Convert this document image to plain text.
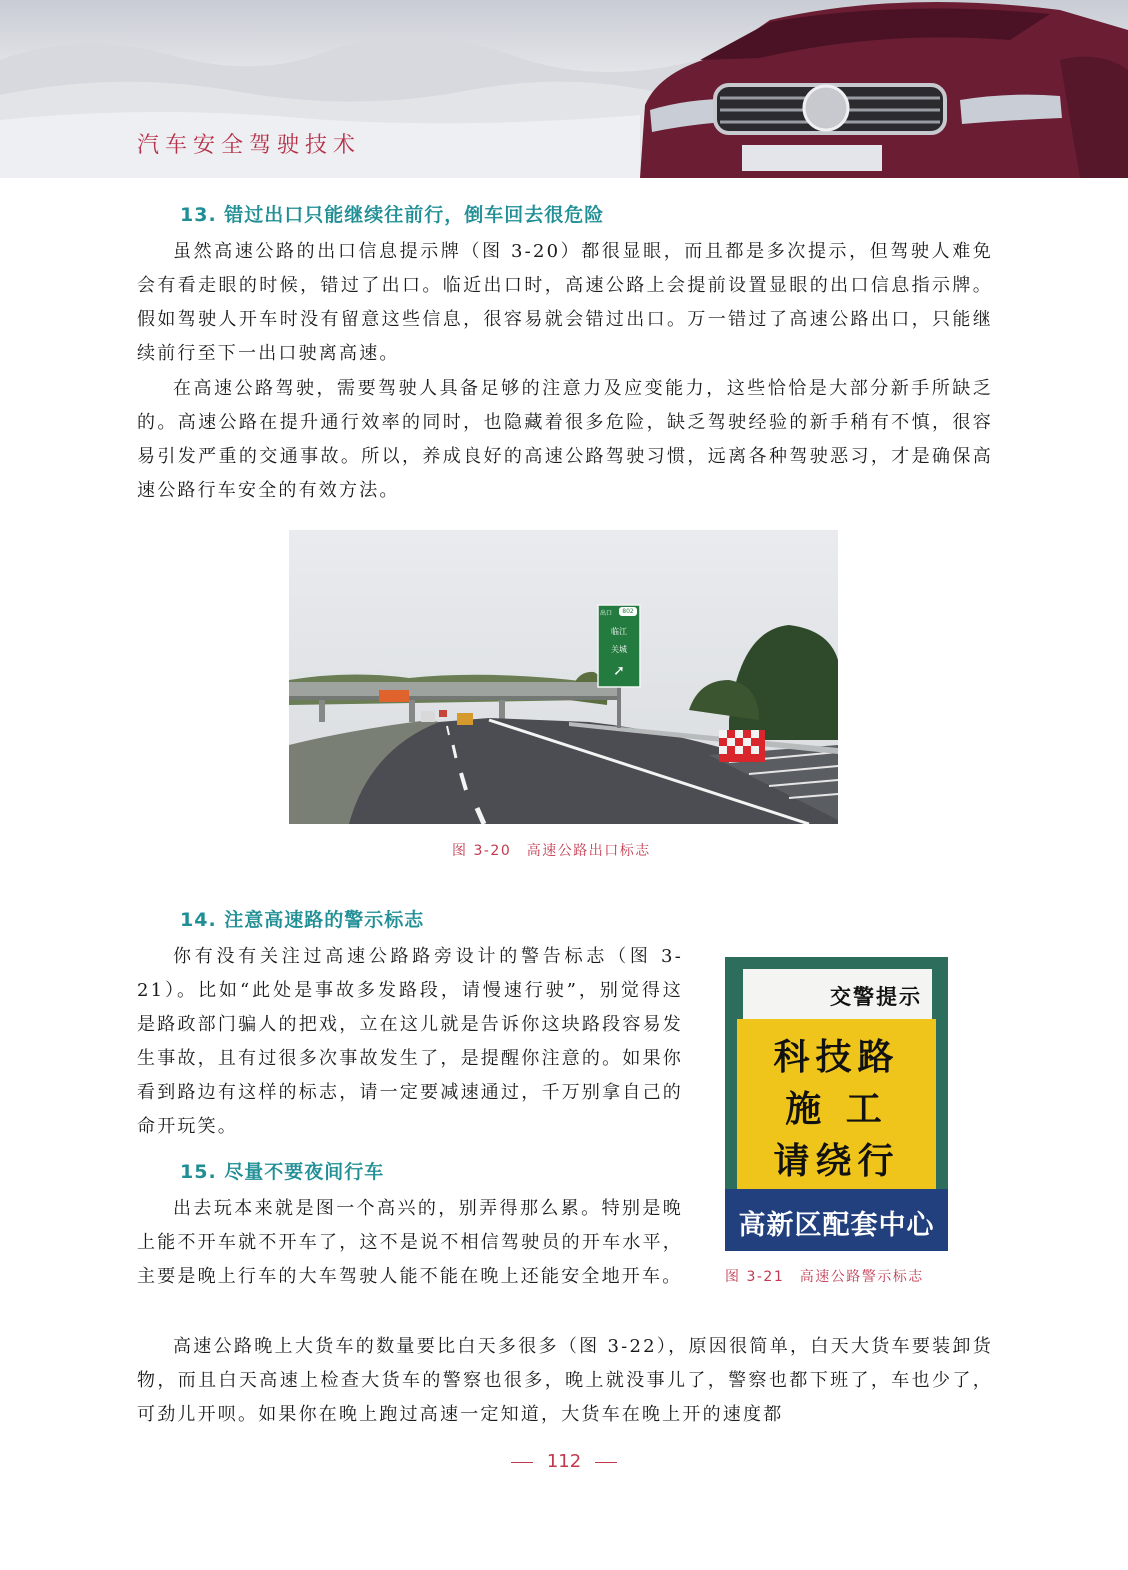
汽车安全驾驶技术
13. 错过出口只能继续往前行，倒车回去很危险

虽然高速公路的出口信息提示牌（图 3-20）都很显眼，而且都是多次提示，但驾驶人难免会有看走眼的时候，错过了出口。临近出口时，高速公路上会提前设置显眼的出口信息指示牌。假如驾驶人开车时没有留意这些信息，很容易就会错过出口。万一错过了高速公路出口，只能继续前行至下一出口驶离高速。

在高速公路驾驶，需要驾驶人具备足够的注意力及应变能力，这些恰恰是大部分新手所缺乏的。高速公路在提升通行效率的同时，也隐藏着很多危险，缺乏驾驶经验的新手稍有不慎，很容易引发严重的交通事故。所以，养成良好的高速公路驾驶习惯，远离各种驾驶恶习，才是确保高速公路行车安全的有效方法。

出口	802
临江
关城
➚
图 3-20　高速公路出口标志
14. 注意高速路的警示标志

你有没有关注过高速公路路旁设计的警告标志（图 3-21）。比如“此处是事故多发路段，请慢速行驶”，别觉得这是路政部门骗人的把戏，立在这儿就是告诉你这块路段容易发生事故，且有过很多次事故发生了，是提醒你注意的。如果你看到路边有这样的标志，请一定要减速通过，千万别拿自己的命开玩笑。

交警提示
科技路
施 工
请绕行
高新区配套中心
图 3-21　高速公路警示标志
15. 尽量不要夜间行车

出去玩本来就是图一个高兴的，别弄得那么累。特别是晚上能不开车就不开车了，这不是说不相信驾驶员的开车水平，主要是晚上行车的大车驾驶人能不能在晚上还能安全地开车。

高速公路晚上大货车的数量要比白天多很多（图 3-22），原因很简单，白天大货车要装卸货物，而且白天高速上检查大货车的警察也很多，晚上就没事儿了，警察也都下班了，车也少了，可劲儿开呗。如果你在晚上跑过高速一定知道，大货车在晚上开的速度都

112
